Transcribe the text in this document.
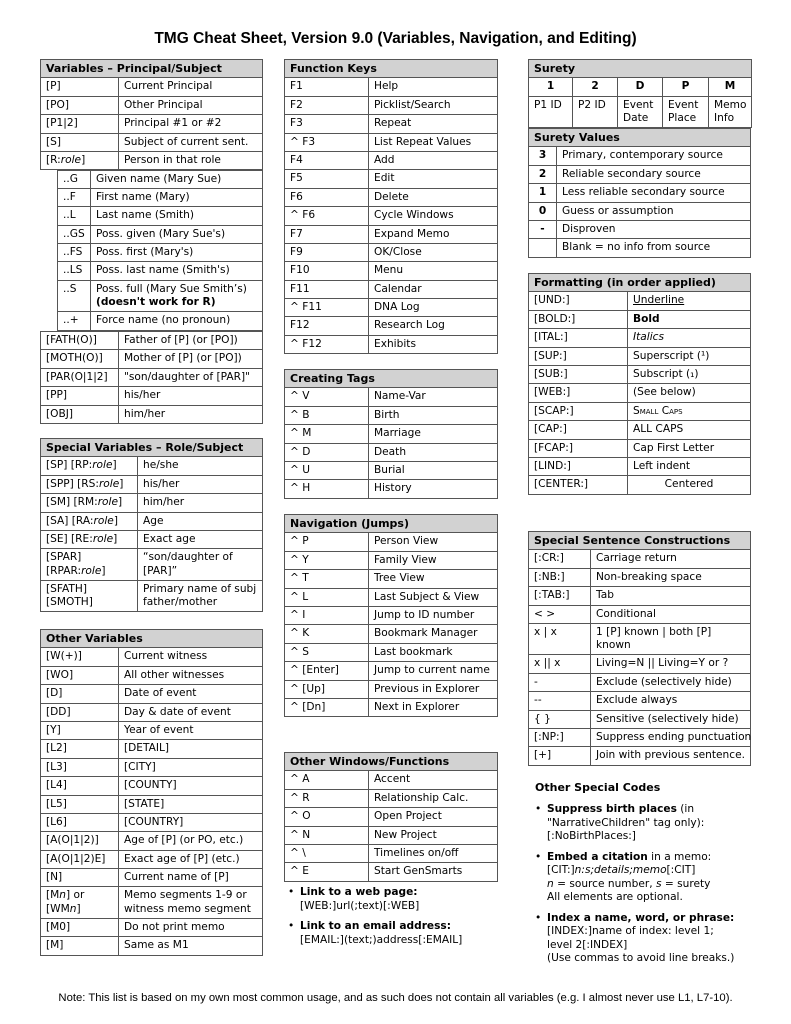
TMG Cheat Sheet, Version 9.0 (Variables, Navigation, and Editing)
Variables – Principal/Subject	
[P]	Current Principal
[PO]	Other Principal
[P1|2]	Principal #1 or #2
[S]	Subject of current sent.
[R:role]	Person in that role
..G	Given name (Mary Sue)
..F	First name (Mary)
..L	Last name (Smith)
..GS	Poss. given (Mary Sue's)
..FS	Poss. first (Mary's)
..LS	Poss. last name (Smith's)
..S	Poss. full (Mary Sue Smith’s) (doesn't work for R)
..+	Force name (no pronoun)
[FATH(O)]	Father of [P] (or [PO])
[MOTH(O)]	Mother of [P] (or [PO])
[PAR(O|1|2]	"son/daughter of [PAR]"
[PP]	his/her
[OBJ]	him/her
Special Variables – Role/Subject	
[SP] [RP:role]	he/she
[SPP] [RS:role]	his/her
[SM] [RM:role]	him/her
[SA] [RA:role]	Age
[SE] [RE:role]	Exact age
[SPAR] [RPAR:role]	“son/daughter of [PAR]”
[SFATH] [SMOTH]	Primary name of subj father/mother
Other Variables	
[W(+)]	Current witness
[WO]	All other witnesses
[D]	Date of event
[DD]	Day & date of event
[Y]	Year of event
[L2]	[DETAIL]
[L3]	[CITY]
[L4]	[COUNTY]
[L5]	[STATE]
[L6]	[COUNTRY]
[A(O|1|2)]	Age of [P] (or PO, etc.)
[A(O|1|2)E]	Exact age of [P] (etc.)
[N]	Current name of [P]
[Mn] or [WMn]	Memo segments 1-9 or witness memo segment
[M0]	Do not print memo
[M]	Same as M1
Function Keys	
F1	Help
F2	Picklist/Search
F3	Repeat
^ F3	List Repeat Values
F4	Add
F5	Edit
F6	Delete
^ F6	Cycle Windows
F7	Expand Memo
F9	OK/Close
F10	Menu
F11	Calendar
^ F11	DNA Log
F12	Research Log
^ F12	Exhibits
Creating Tags	
^ V	Name-Var
^ B	Birth
^ M	Marriage
^ D	Death
^ U	Burial
^ H	History
Navigation (Jumps)	
^ P	Person View
^ Y	Family View
^ T	Tree View
^ L	Last Subject & View
^ I	Jump to ID number
^ K	Bookmark Manager
^ S	Last bookmark
^ [Enter]	Jump to current name
^ [Up]	Previous in Explorer
^ [Dn]	Next in Explorer
Other Windows/Functions	
^ A	Accent
^ R	Relationship Calc.
^ O	Open Project
^ N	New Project
^ \	Timelines on/off
^ E	Start GenSmarts
Surety Values	
3	Primary, contemporary source
2	Reliable secondary source
1	Less reliable secondary source
0	Guess or assumption
-	Disproven
	Blank = no info from source
Formatting (in order applied)	
[UND:]	Underline
[BOLD:]	Bold
[ITAL:]	Italics
[SUP:]	Superscript (¹)
[SUB:]	Subscript (₁)
[WEB:]	(See below)
[SCAP:]	Small Caps
[CAP:]	ALL CAPS
[FCAP:]	Cap First Letter
[LIND:]	Left indent
[CENTER:]	Centered
Special Sentence Constructions	
[:CR:]	Carriage return
[:NB:]	Non-breaking space
[:TAB:]	Tab
< >	Conditional
x | x	1 [P] known | both [P] known
x || x	Living=N || Living=Y or ?
-	Exclude (selectively hide)
--	Exclude always
{ }	Sensitive (selectively hide)
[:NP:]	Suppress ending punctuation
[+]	Join with previous sentence.
Surety				
1	2	D	P	M
P1 ID	P2 ID	Event Date	Event Place	Memo Info
• Link to a web page:
[WEB:]url(;text)[:WEB]
• Link to an email address:
[EMAIL:](text;)address[:EMAIL]
Other Special Codes
• Suppress birth places (in "NarrativeChildren" tag only):
[:NoBirthPlaces:]
• Embed a citation in a memo:
[CIT:]n:s;details;memo[:CIT]
n = source number, s = surety
All elements are optional.
• Index a name, word, or phrase:
[INDEX:]name of index: level 1;
level 2[:INDEX]
(Use commas to avoid line breaks.)
Note: This list is based on my own most common usage, and as such does not contain all variables (e.g. I almost never use L1, L7-10).
